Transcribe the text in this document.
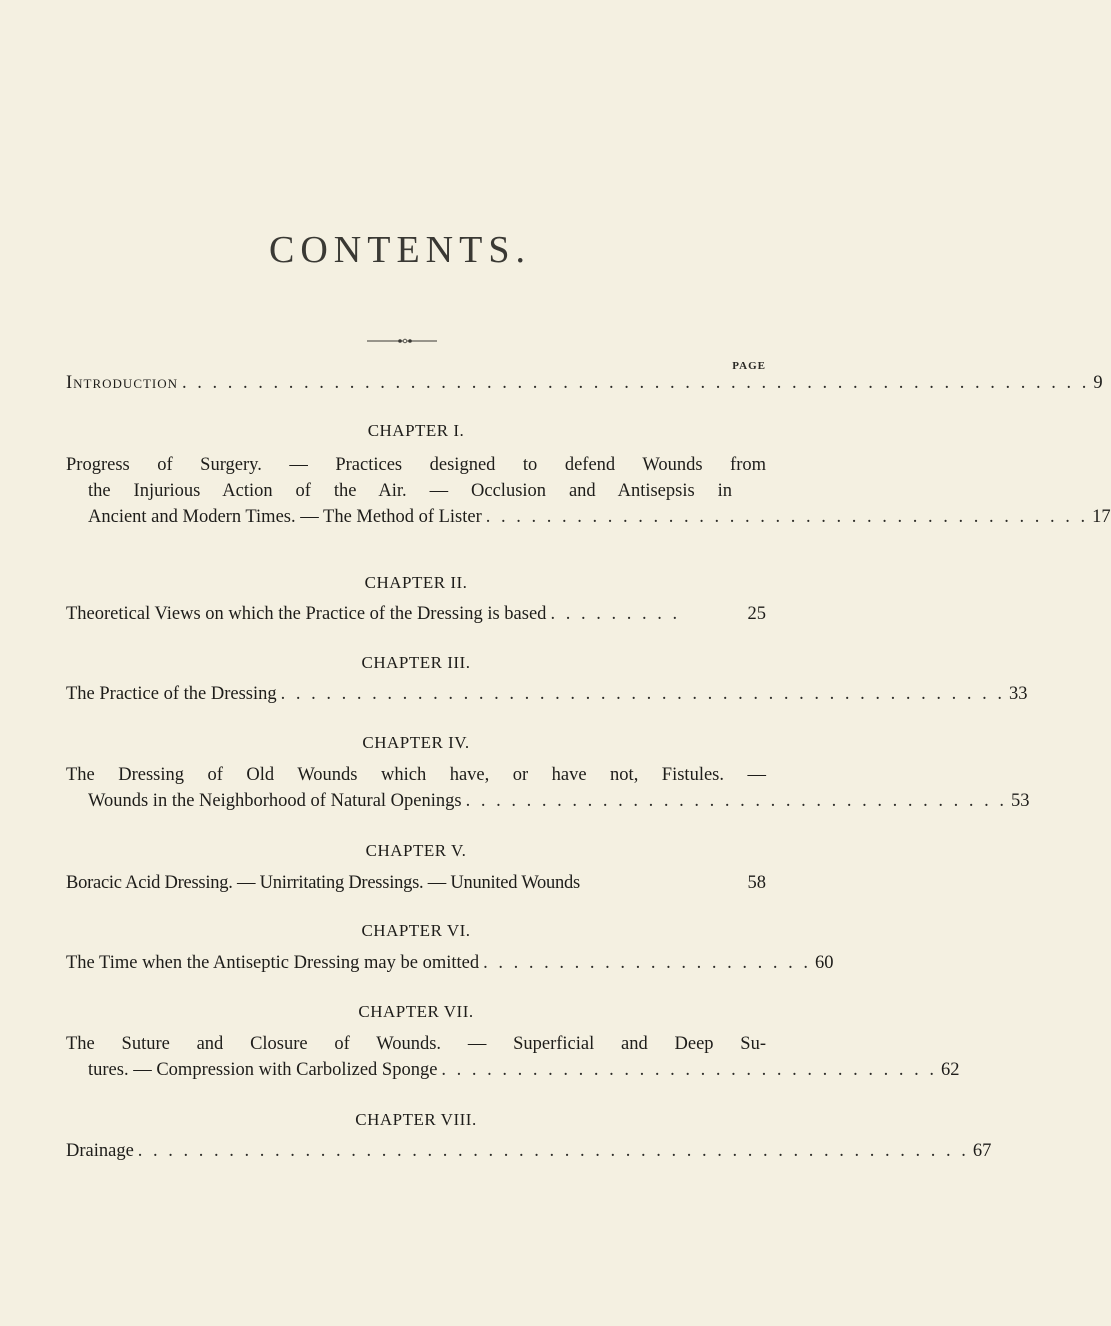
CONTENTS.
PAGE
Introduction . . . . . . . . . . . . . . . . . . . . . . . . . . . . . . . . . . . . . . . . . . . . . . . . . . . . . . . . . . . . 9
CHAPTER I.
Progress of Surgery. — Practices designed to defend Wounds from
the Injurious Action of the Air. — Occlusion and Antisepsis in
Ancient and Modern Times. — The Method of Lister . . . . . . . . . . . . . . . . . . . . . . . . . . . . . . . . . . . . . . . . 17
CHAPTER II.
Theoretical Views on which the Practice of the Dressing is based . . . . . . . . .	25
CHAPTER III.
The Practice of the Dressing . . . . . . . . . . . . . . . . . . . . . . . . . . . . . . . . . . . . . . . . . . . . . . . . 33
CHAPTER IV.
The Dressing of Old Wounds which have, or have not, Fistules. —
Wounds in the Neighborhood of Natural Openings . . . . . . . . . . . . . . . . . . . . . . . . . . . . . . . . . . . . 53
CHAPTER V.
Boracic Acid Dressing. — Unirritating Dressings. — Ununited Wounds	58
CHAPTER VI.
The Time when the Antiseptic Dressing may be omitted . . . . . . . . . . . . . . . . . . . . . . 60
CHAPTER VII.
The Suture and Closure of Wounds. — Superficial and Deep Su-
tures. — Compression with Carbolized Sponge . . . . . . . . . . . . . . . . . . . . . . . . . . . . . . . . . 62
CHAPTER VIII.
Drainage . . . . . . . . . . . . . . . . . . . . . . . . . . . . . . . . . . . . . . . . . . . . . . . . . . . . . . . 67
